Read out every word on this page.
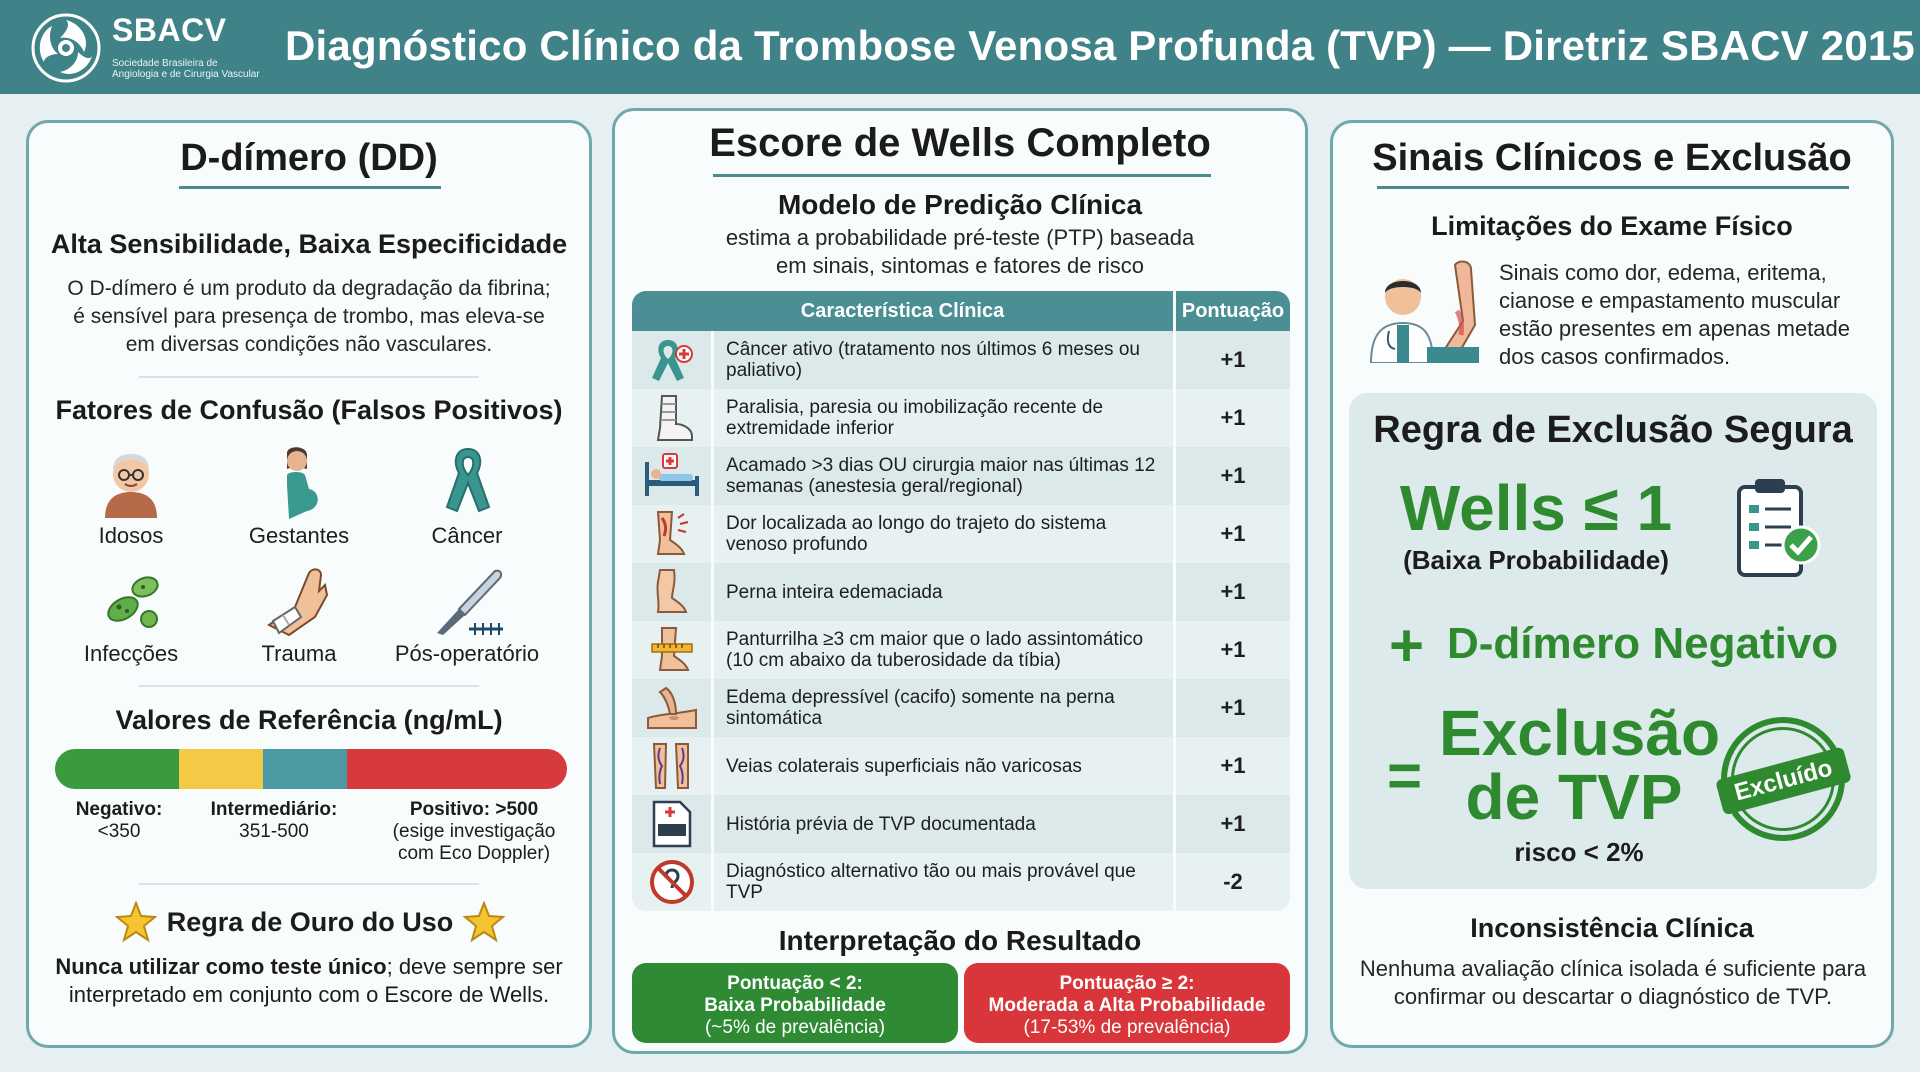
SBACV
Sociedade Brasileira de Angiologia e de Cirurgia Vascular
Diagnóstico Clínico da Trombose Venosa Profunda (TVP) — Diretriz SBACV 2015
D-dímero (DD)
Alta Sensibilidade, Baixa Especificidade
O D-dímero é um produto da degradação da fibrina; é sensível para presença de trombo, mas eleva-se em diversas condições não vasculares.
Fatores de Confusão (Falsos Positivos)
Idosos	Gestantes	Câncer
Infecções	Trauma	Pós-operatório
Valores de Referência (ng/mL)
Negativo:
<350
Intermediário:
351-500
Positivo: >500
(esige investigação com Eco Doppler)
Regra de Ouro do Uso
Nunca utilizar como teste único; deve sempre ser interpretado em conjunto com o Escore de Wells.
Escore de Wells Completo
Modelo de Predição Clínica
estima a probabilidade pré-teste (PTP) baseada
em sinais, sintomas e fatores de risco
Característica Clínica	Pontuação
Câncer ativo (tratamento nos últimos 6 meses ou paliativo)	+1
Paralisia, paresia ou imobilização recente de extremidade inferior	+1
Acamado >3 dias OU cirurgia maior nas últimas 12 semanas (anestesia geral/regional)	+1
Dor localizada ao longo do trajeto do sistema venoso profundo	+1
Perna inteira edemaciada	+1
Panturrilha ≥3 cm maior que o lado assintomático (10 cm abaixo da tuberosidade da tíbia)	+1
Edema depressível (cacifo) somente na perna sintomática	+1
Veias colaterais superficiais não varicosas	+1
História prévia de TVP documentada	+1
Diagnóstico alternativo tão ou mais provável que TVP	-2
Interpretação do Resultado
Pontuação < 2:
Baixa Probabilidade
(~5% de prevalência)
Pontuação ≥ 2:
Moderada a Alta Probabilidade
(17-53% de prevalência)
Sinais Clínicos e Exclusão
Limitações do Exame Físico
Sinais como dor, edema, eritema, cianose e empastamento muscular estão presentes em apenas metade dos casos confirmados.
Regra de Exclusão Segura
Wells ≤ 1
(Baixa Probabilidade)
+ D-dímero Negativo
=
Exclusão
de TVP
risco < 2%
Excluído
Inconsistência Clínica
Nenhuma avaliação clínica isolada é suficiente para confirmar ou descartar o diagnóstico de TVP.
